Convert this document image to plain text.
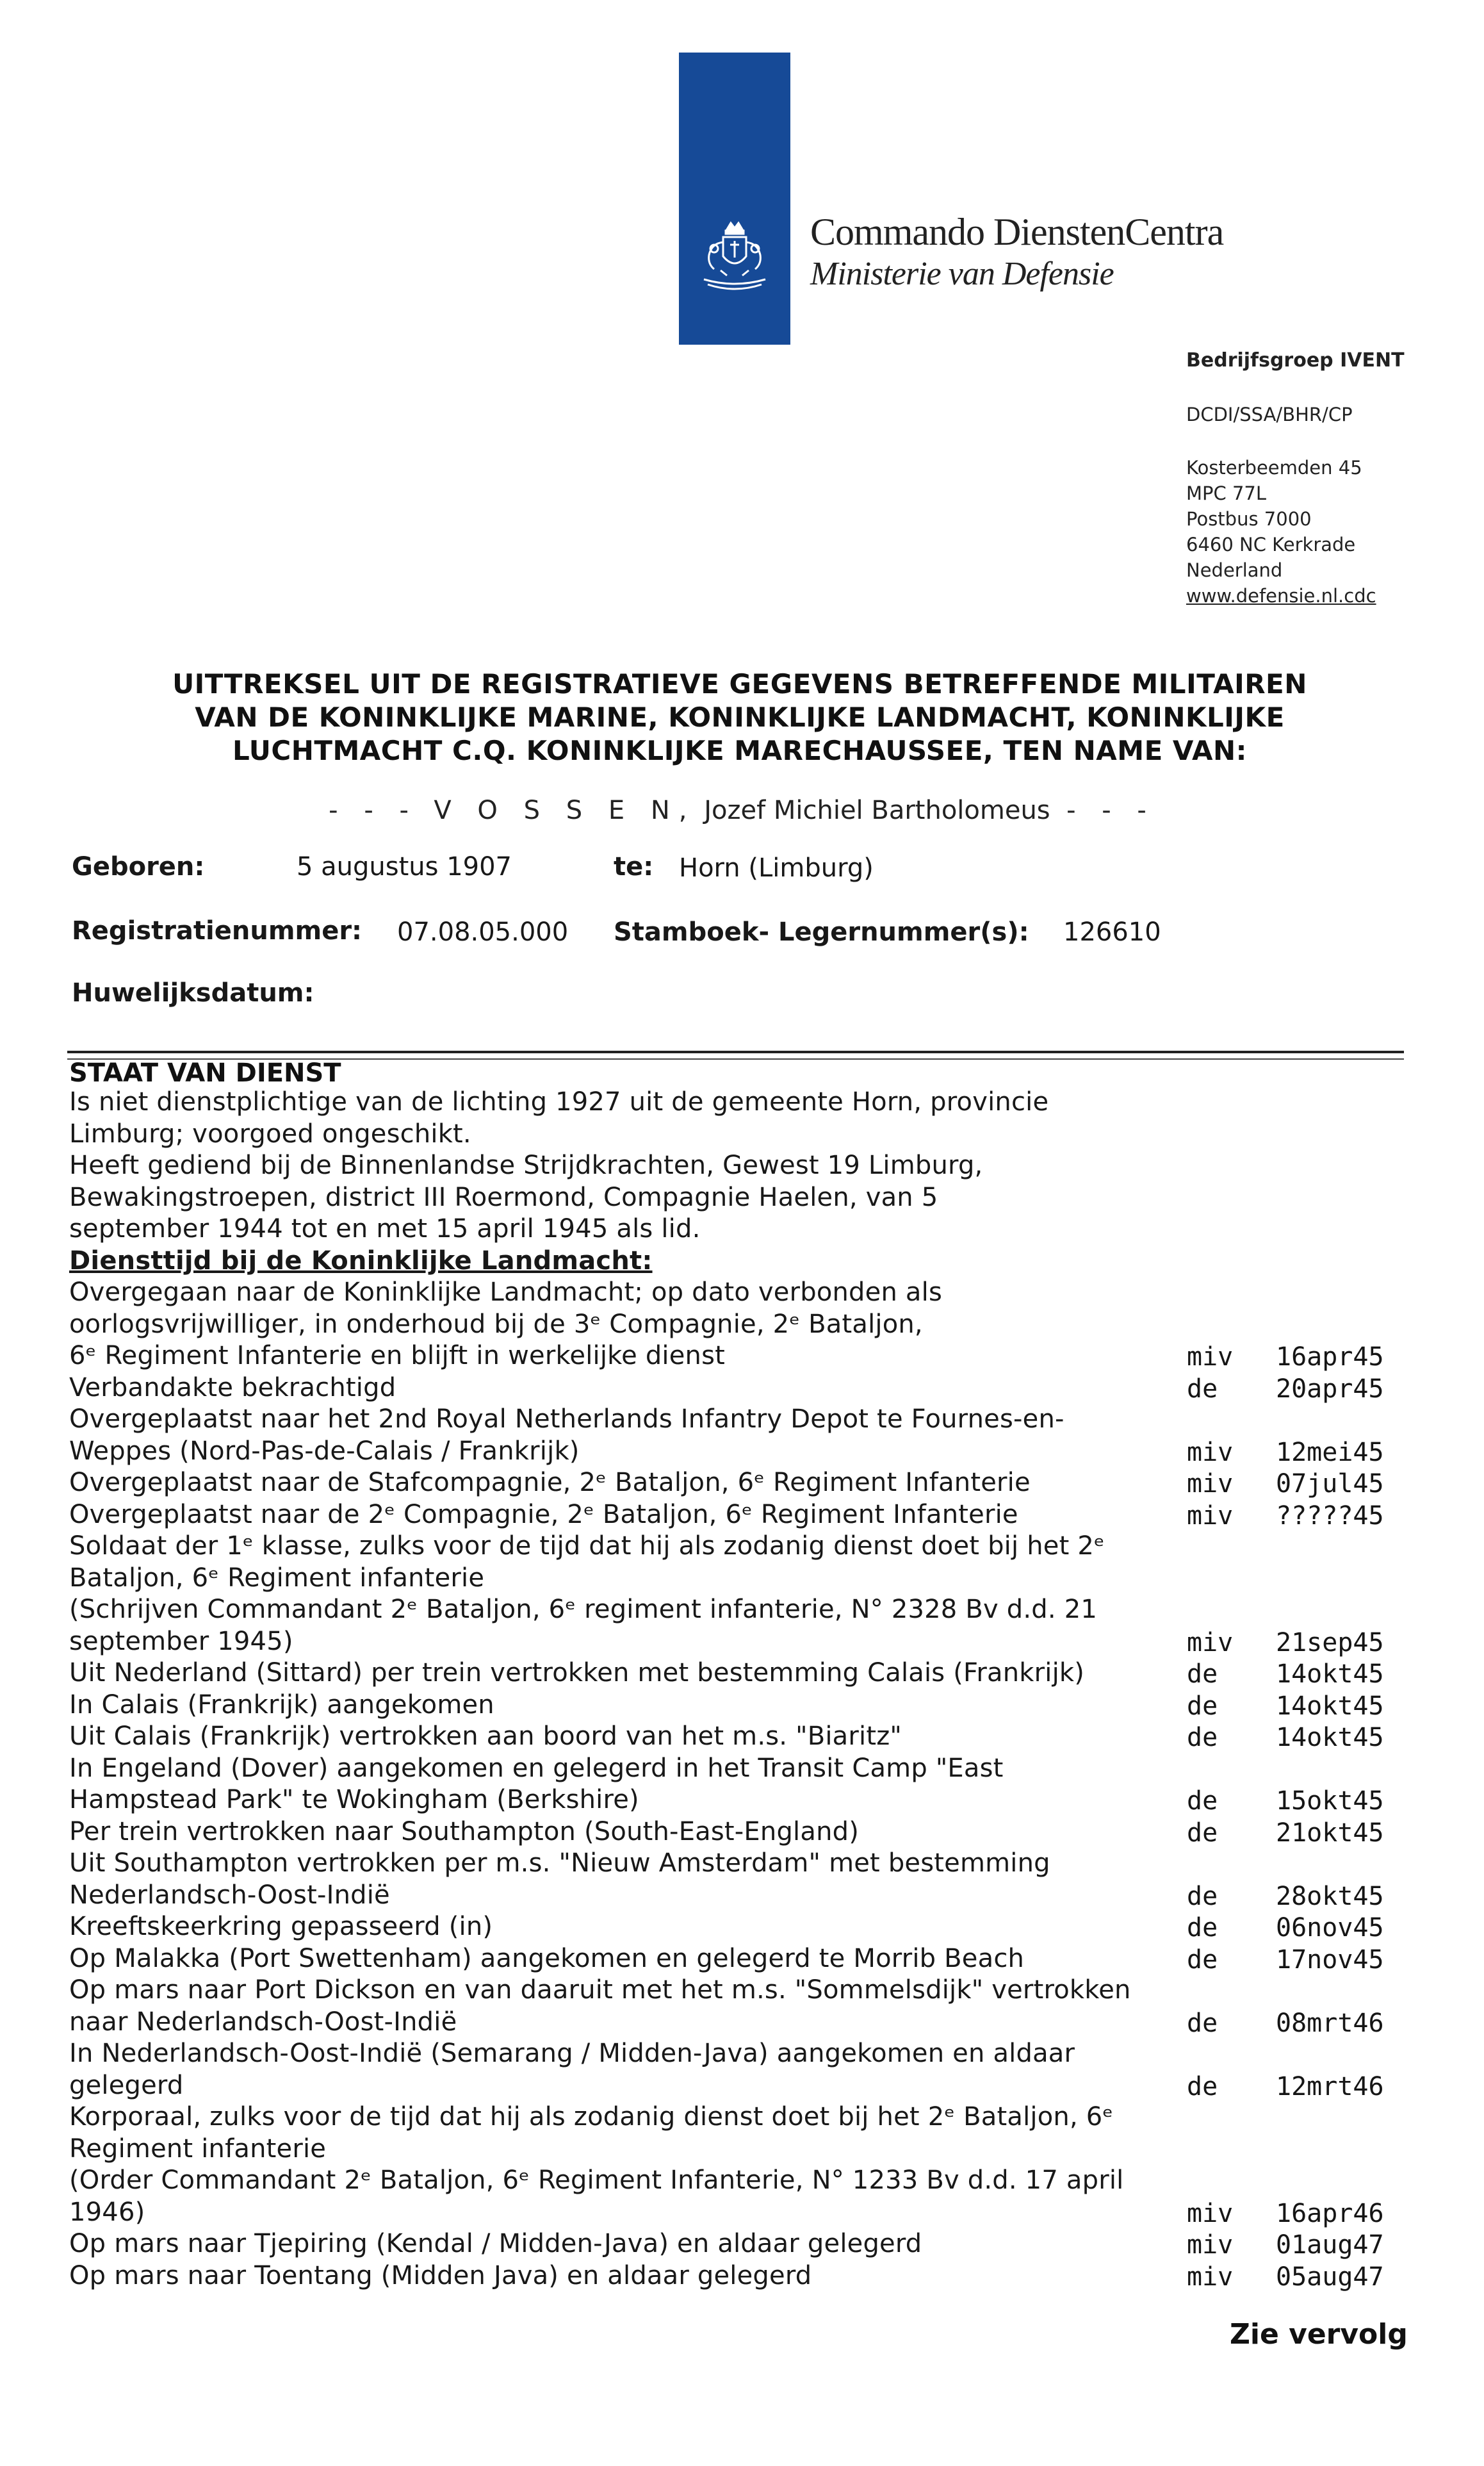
Commando DienstenCentra
Ministerie van Defensie
Bedrijfsgroep IVENT
DCDI/SSA/BHR/CP
Kosterbeemden 45
MPC 77L
Postbus 7000
6460 NC Kerkrade
Nederland
www.defensie.nl.cdc
UITTREKSEL UIT DE REGISTRATIEVE GEGEVENS BETREFFENDE MILITAIREN
VAN DE KONINKLIJKE MARINE, KONINKLIJKE LANDMACHT, KONINKLIJKE
LUCHTMACHT C.Q. KONINKLIJKE MARECHAUSSEE, TEN NAME VAN:
- - - V O S S E N, Jozef Michiel Bartholomeus - - -
Geboren:	5 augustus 1907	te: Horn (Limburg)
Registratienummer: 07.08.05.000 Stamboek- Legernummer(s): 126610
Huwelijksdatum:
STAAT VAN DIENST
Is niet dienstplichtige van de lichting 1927 uit de gemeente Horn, provincie
Limburg; voorgoed ongeschikt.
Heeft gediend bij de Binnenlandse Strijdkrachten, Gewest 19 Limburg,
Bewakingstroepen, district III Roermond, Compagnie Haelen, van 5
september 1944 tot en met 15 april 1945 als lid.
Overgegaan naar de Koninklijke Landmacht; op dato verbonden als
oorlogsvrijwilliger, in onderhoud bij de 3ᵉ Compagnie, 2ᵉ Bataljon,
6ᵉ Regiment Infanterie en blijft in werkelijke dienst	miv 16apr45
Verbandakte bekrachtigd	de 20apr45
Overgeplaatst naar het 2nd Royal Netherlands Infantry Depot te Fournes-en-
Weppes (Nord-Pas-de-Calais / Frankrijk)	miv 12mei45
Overgeplaatst naar de Stafcompagnie, 2ᵉ Bataljon, 6ᵉ Regiment Infanterie	miv 07jul45
Overgeplaatst naar de 2ᵉ Compagnie, 2ᵉ Bataljon, 6ᵉ Regiment Infanterie	miv ?????45
Soldaat der 1ᵉ klasse, zulks voor de tijd dat hij als zodanig dienst doet bij het 2ᵉ
Bataljon, 6ᵉ Regiment infanterie
(Schrijven Commandant 2ᵉ Bataljon, 6ᵉ regiment infanterie, N° 2328 Bv d.d. 21
september 1945)	miv 21sep45
Uit Nederland (Sittard) per trein vertrokken met bestemming Calais (Frankrijk)	de 14okt45
In Calais (Frankrijk) aangekomen	de 14okt45
Uit Calais (Frankrijk) vertrokken aan boord van het m.s. "Biaritz"	de 14okt45
In Engeland (Dover) aangekomen en gelegerd in het Transit Camp "East
Hampstead Park" te Wokingham (Berkshire)	de 15okt45
Per trein vertrokken naar Southampton (South-East-England)	de 21okt45
Uit Southampton vertrokken per m.s. "Nieuw Amsterdam" met bestemming
Nederlandsch-Oost-Indië	de 28okt45
Kreeftskeerkring gepasseerd (in)	de 06nov45
Op Malakka (Port Swettenham) aangekomen en gelegerd te Morrib Beach	de 17nov45
Op mars naar Port Dickson en van daaruit met het m.s. "Sommelsdijk" vertrokken
naar Nederlandsch-Oost-Indië	de 08mrt46
In Nederlandsch-Oost-Indië (Semarang / Midden-Java) aangekomen en aldaar
gelegerd	de 12mrt46
Korporaal, zulks voor de tijd dat hij als zodanig dienst doet bij het 2ᵉ Bataljon, 6ᵉ
Regiment infanterie
(Order Commandant 2ᵉ Bataljon, 6ᵉ Regiment Infanterie, N° 1233 Bv d.d. 17 april
1946)	miv 16apr46
Op mars naar Tjepiring (Kendal / Midden-Java) en aldaar gelegerd	miv 01aug47
Op mars naar Toentang (Midden Java) en aldaar gelegerd	miv 05aug47
Diensttijd bij de Koninklijke Landmacht:
Zie vervolg
